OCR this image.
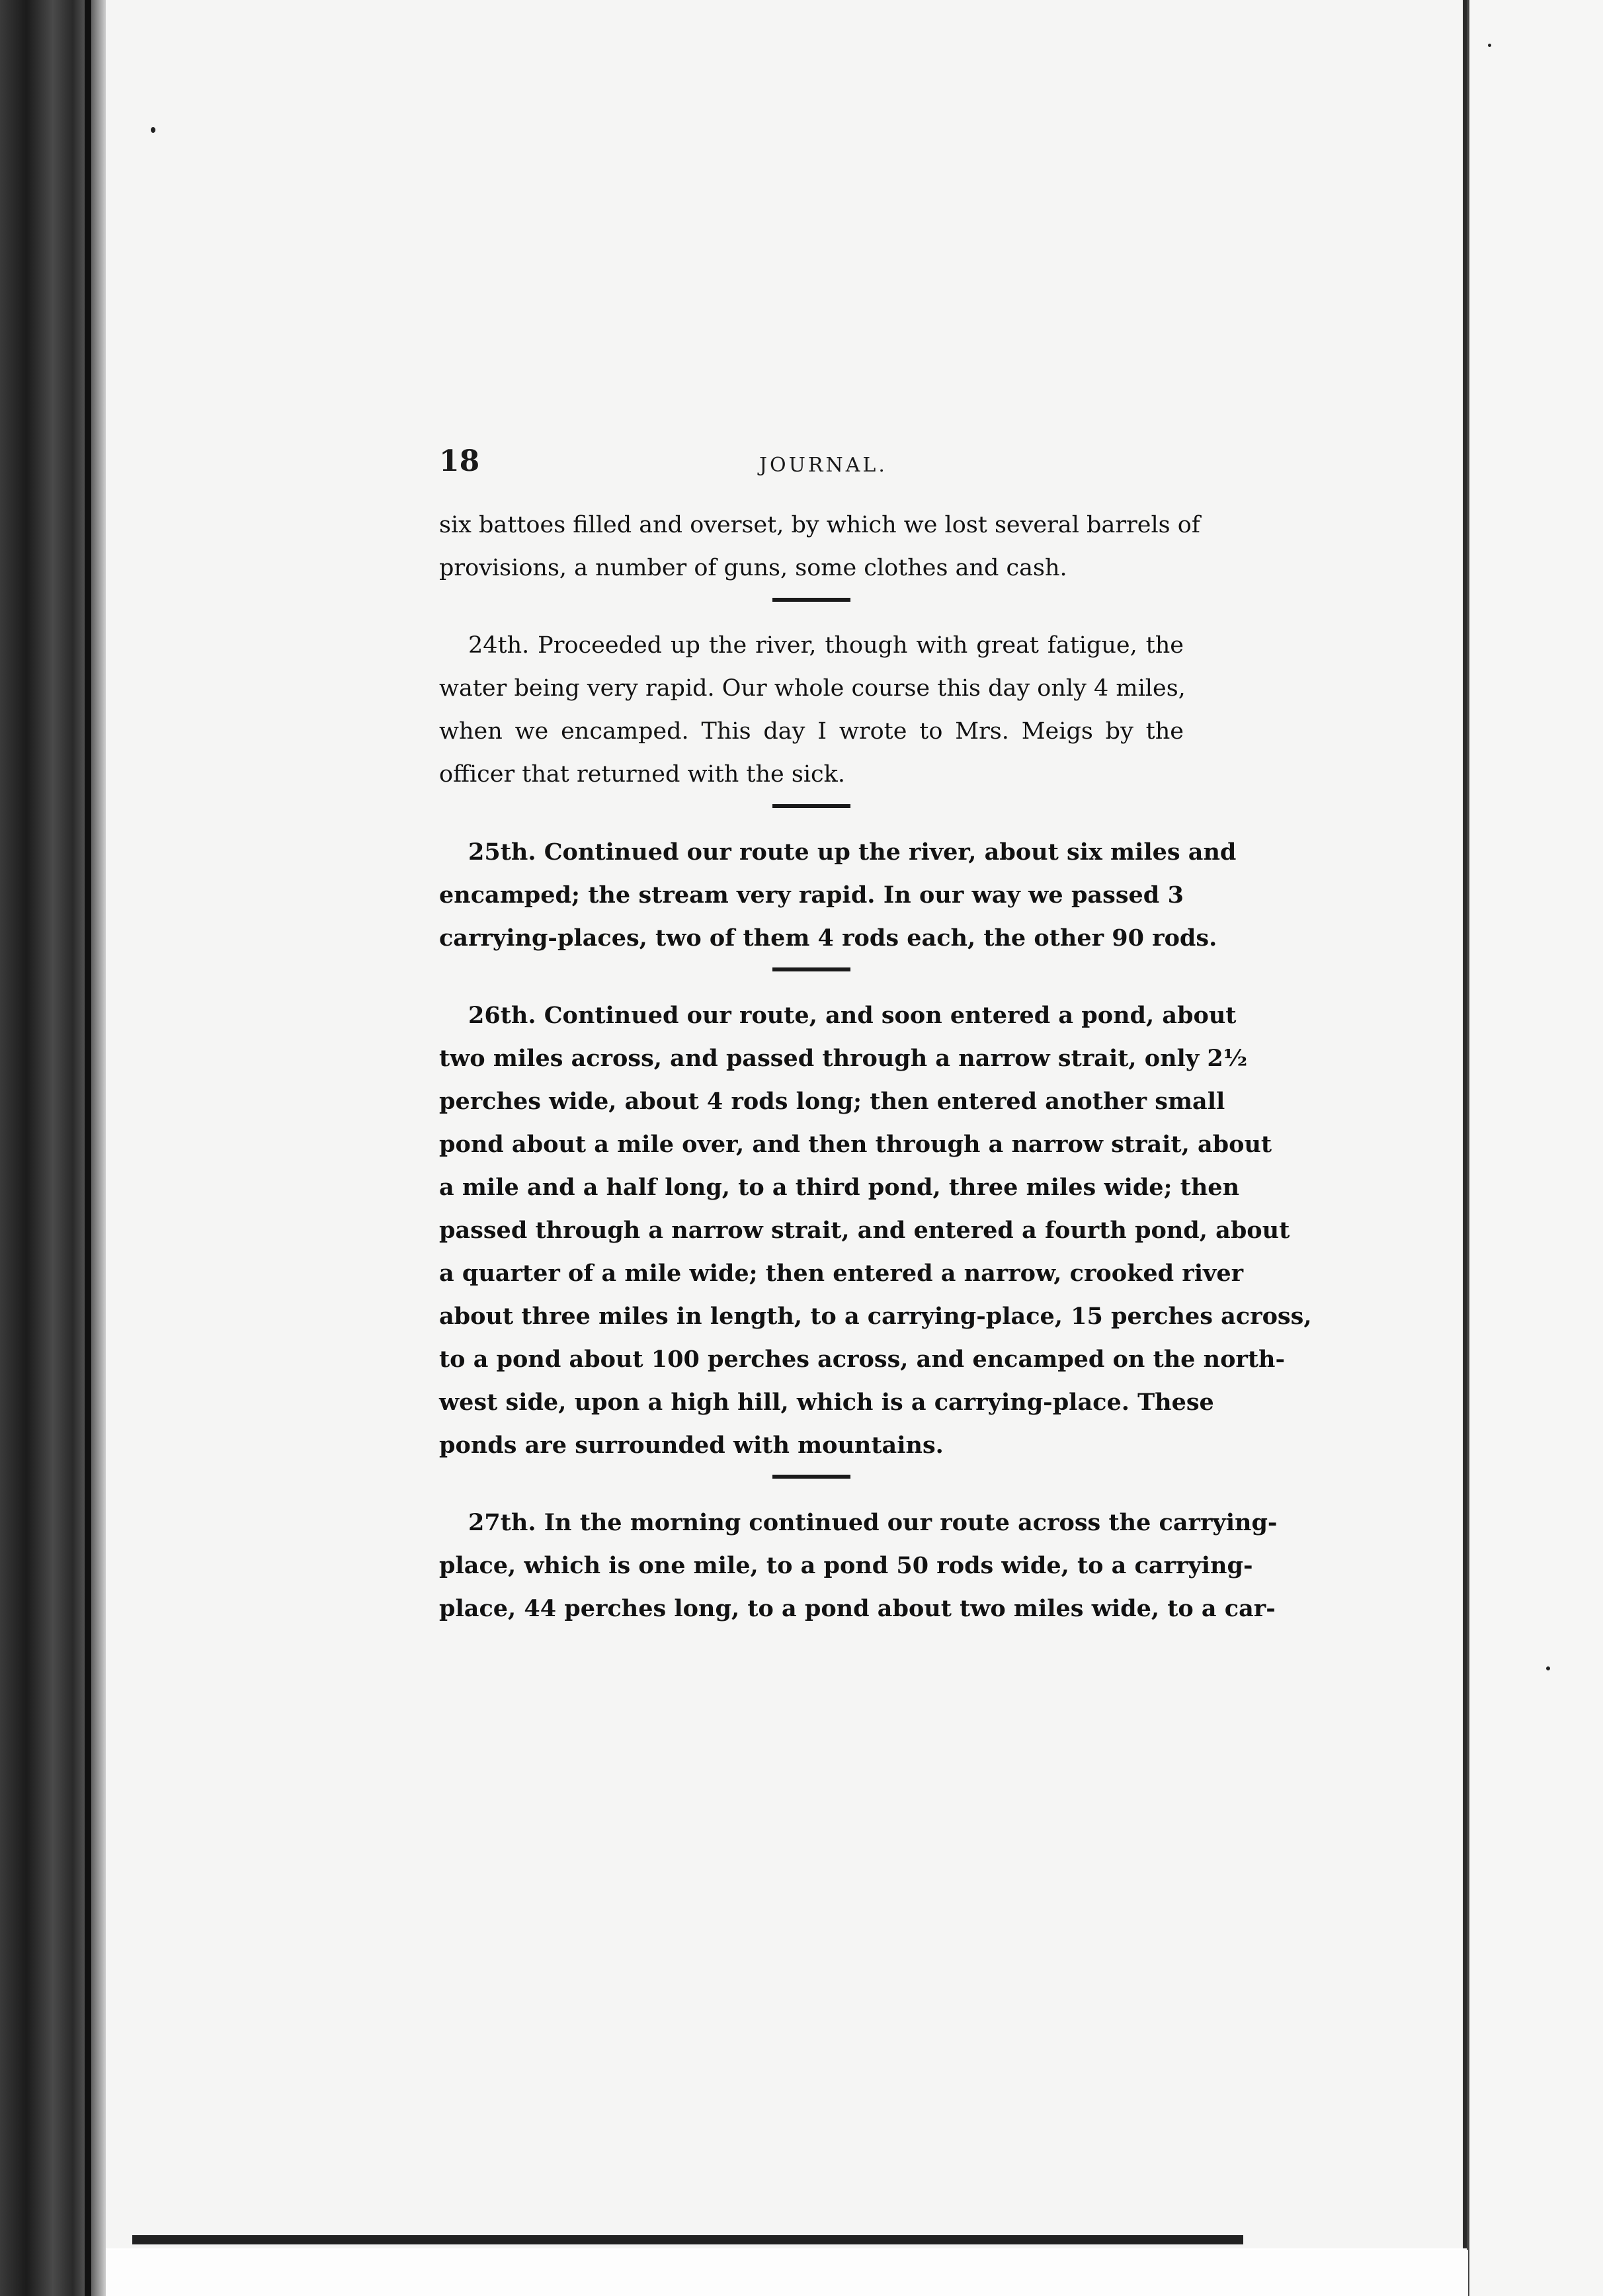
18	JOURNAL.
six battoes filled and overset, by which we lost several barrels of
provisions, a number of guns, some clothes and cash.
24th. Proceeded up the river, though with great fatigue, the
water being very rapid. Our whole course this day only 4 miles,
when we encamped. This day I wrote to Mrs. Meigs by the
officer that returned with the sick.
25th. Continued our route up the river, about six miles and
encamped; the stream very rapid. In our way we passed 3
carrying-places, two of them 4 rods each, the other 90 rods.
26th. Continued our route, and soon entered a pond, about
two miles across, and passed through a narrow strait, only 2½
perches wide, about 4 rods long; then entered another small
pond about a mile over, and then through a narrow strait, about
a mile and a half long, to a third pond, three miles wide; then
passed through a narrow strait, and entered a fourth pond, about
a quarter of a mile wide; then entered a narrow, crooked river
about three miles in length, to a carrying-place, 15 perches across,
to a pond about 100 perches across, and encamped on the north-
west side, upon a high hill, which is a carrying-place. These
ponds are surrounded with mountains.
27th. In the morning continued our route across the carrying-
place, which is one mile, to a pond 50 rods wide, to a carrying-
place, 44 perches long, to a pond about two miles wide, to a car-
